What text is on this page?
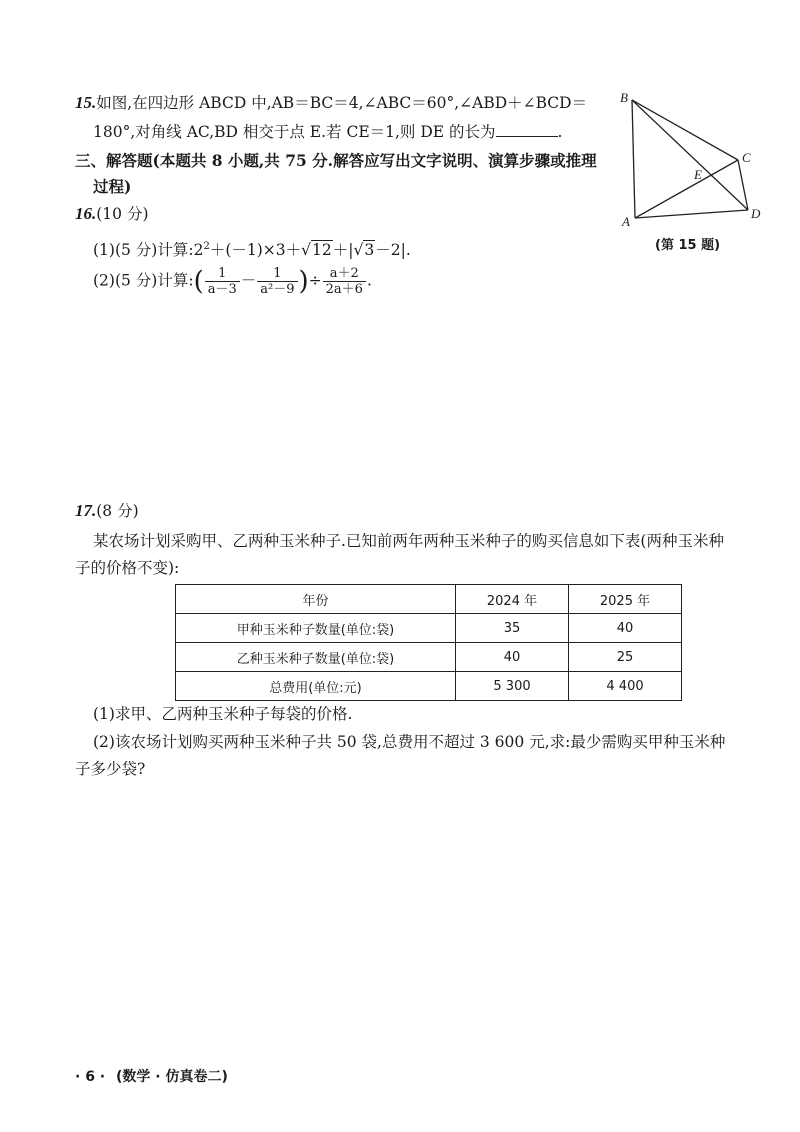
15.如图,在四边形 ABCD 中,AB＝BC＝4,∠ABC＝60°,∠ABD＋∠BCD＝
180°,对角线 AC,BD 相交于点 E.若 CE＝1,则 DE 的长为	.
B
C
E
A
D
(第 15 题)
三、解答题(本题共 8 小题,共 75 分.解答应写出文字说明、演算步骤或推理
过程)
16.(10 分)
(1)(5 分)计算$:2^2+(-1)\times 3+√12+|√3-2|$.
(2)(5 分)计算:( $\frac{1}{a-3} - \frac{1}{\text{a²－9}}$ )÷ $\frac{a+2}{2a+6}$ .
17.(8 分)
某农场计划采购甲、乙两种玉米种子.已知前两年两种玉米种子的购买信息如下表(两种玉米种
子的价格不变):
年份	2024 年	2025 年
甲种玉米种子数量(单位:袋)	35	40
乙种玉米种子数量(单位:袋)	40	25
总费用(单位:元)	5 300	4 400
(1)求甲、乙两种玉米种子每袋的价格.
(2)该农场计划购买两种玉米种子共 50 袋,总费用不超过 3 600 元,求:最少需购买甲种玉米种
子多少袋?
· 6 · (数学 · 仿真卷二)
